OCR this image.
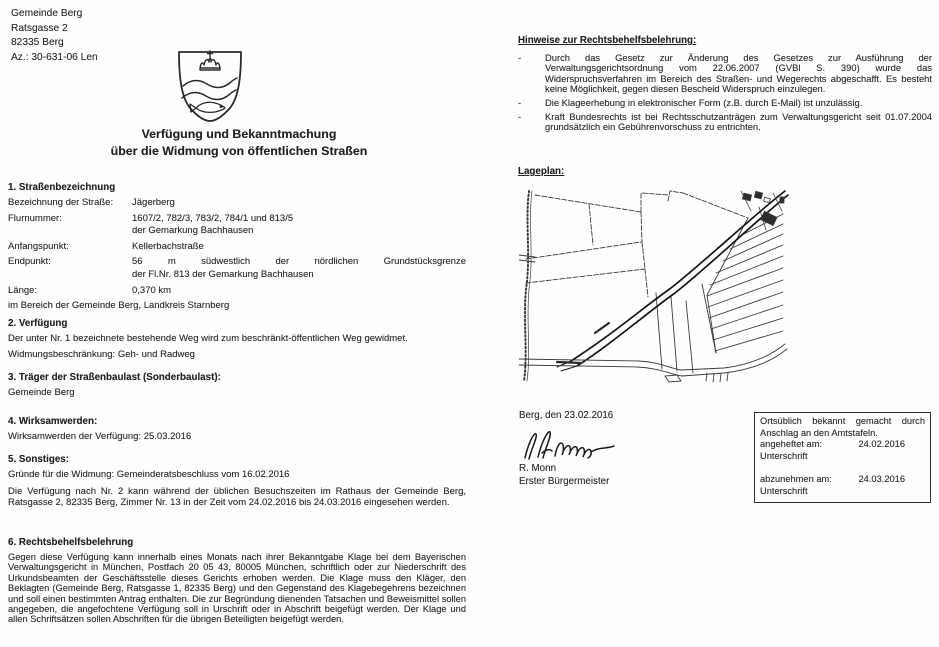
Gemeinde Berg
Ratsgasse 2
82335 Berg
Az.: 30-631-06 Len
Verfügung und Bekanntmachung
über die Widmung von öffentlichen Straßen
1. Straßenbezeichnung
Bezeichnung der Straße:	Jägerberg
Flurnummer:	1607/2, 782/3, 783/2, 784/1 und 813/5
der Gemarkung Bachhausen
Anfangspunkt:	Kellerbachstraße
Endpunkt:	56 m südwestlich der nördlichen Grundstücksgrenze
der Fl.Nr. 813 der Gemarkung Bachhausen
Länge:	0,370 km
im Bereich der Gemeinde Berg, Landkreis Starnberg
2. Verfügung
Der unter Nr. 1 bezeichnete bestehende Weg wird zum beschränkt-öffentlichen Weg gewidmet.
Widmungsbeschränkung: Geh- und Radweg
3. Träger der Straßenbaulast (Sonderbaulast):
Gemeinde Berg
4. Wirksamwerden:
Wirksamwerden der Verfügung: 25.03.2016
5. Sonstiges:
Gründe für die Widmung: Gemeinderatsbeschluss vom 16.02.2016
Die Verfügung nach Nr. 2 kann während der üblichen Besuchszeiten im Rathaus der Gemeinde Berg, Ratsgasse 2, 82335 Berg, Zimmer Nr. 13 in der Zeit vom 24.02.2016 bis 24.03.2016 eingesehen werden.
6. Rechtsbehelfsbelehrung
Gegen diese Verfügung kann innerhalb eines Monats nach ihrer Bekanntgabe Klage bei dem Bayerischen Verwaltungsgericht in München, Postfach 20 05 43, 80005 München, schriftlich oder zur Niederschrift des Urkundsbeamten der Geschäftsstelle dieses Gerichts erhoben werden. Die Klage muss den Kläger, den Beklagten (Gemeinde Berg, Ratsgasse 1, 82335 Berg) und den Gegenstand des Klagebegehrens bezeichnen und soll einen bestimmten Antrag enthalten. Die zur Begründung dienenden Tatsachen und Beweismittel sollen angegeben, die angefochtene Verfügung soll in Urschrift oder in Abschrift beigefügt werden. Der Klage und allen Schriftsätzen sollen Abschriften für die übrigen Beteiligten beigefügt werden.
Hinweise zur Rechtsbehelfsbelehrung:
-	Durch das Gesetz zur Änderung des Gesetzes zur Ausführung der Verwaltungsgerichtsordnung vom 22.06.2007 (GVBl S. 390) wurde das Widerspruchsverfahren im Bereich des Straßen- und Wegerechts abgeschafft. Es besteht keine Möglichkeit, gegen diesen Bescheid Widerspruch einzulegen.
-	Die Klageerhebung in elektronischer Form (z.B. durch E-Mail) ist unzulässig.
-	Kraft Bundesrechts ist bei Rechtsschutzanträgen zum Verwaltungsgericht seit 01.07.2004 grundsätzlich ein Gebührenvorschuss zu entrichten.
Lageplan:
Berg, den 23.02.2016
R. Monn
Erster Bürgermeister
Ortsüblich bekannt gemacht durch Anschlag an den Amtstafeln.
angeheftet am:	24.02.2016
Unterschrift
abzunehmen am:	24.03.2016
Unterschrift
